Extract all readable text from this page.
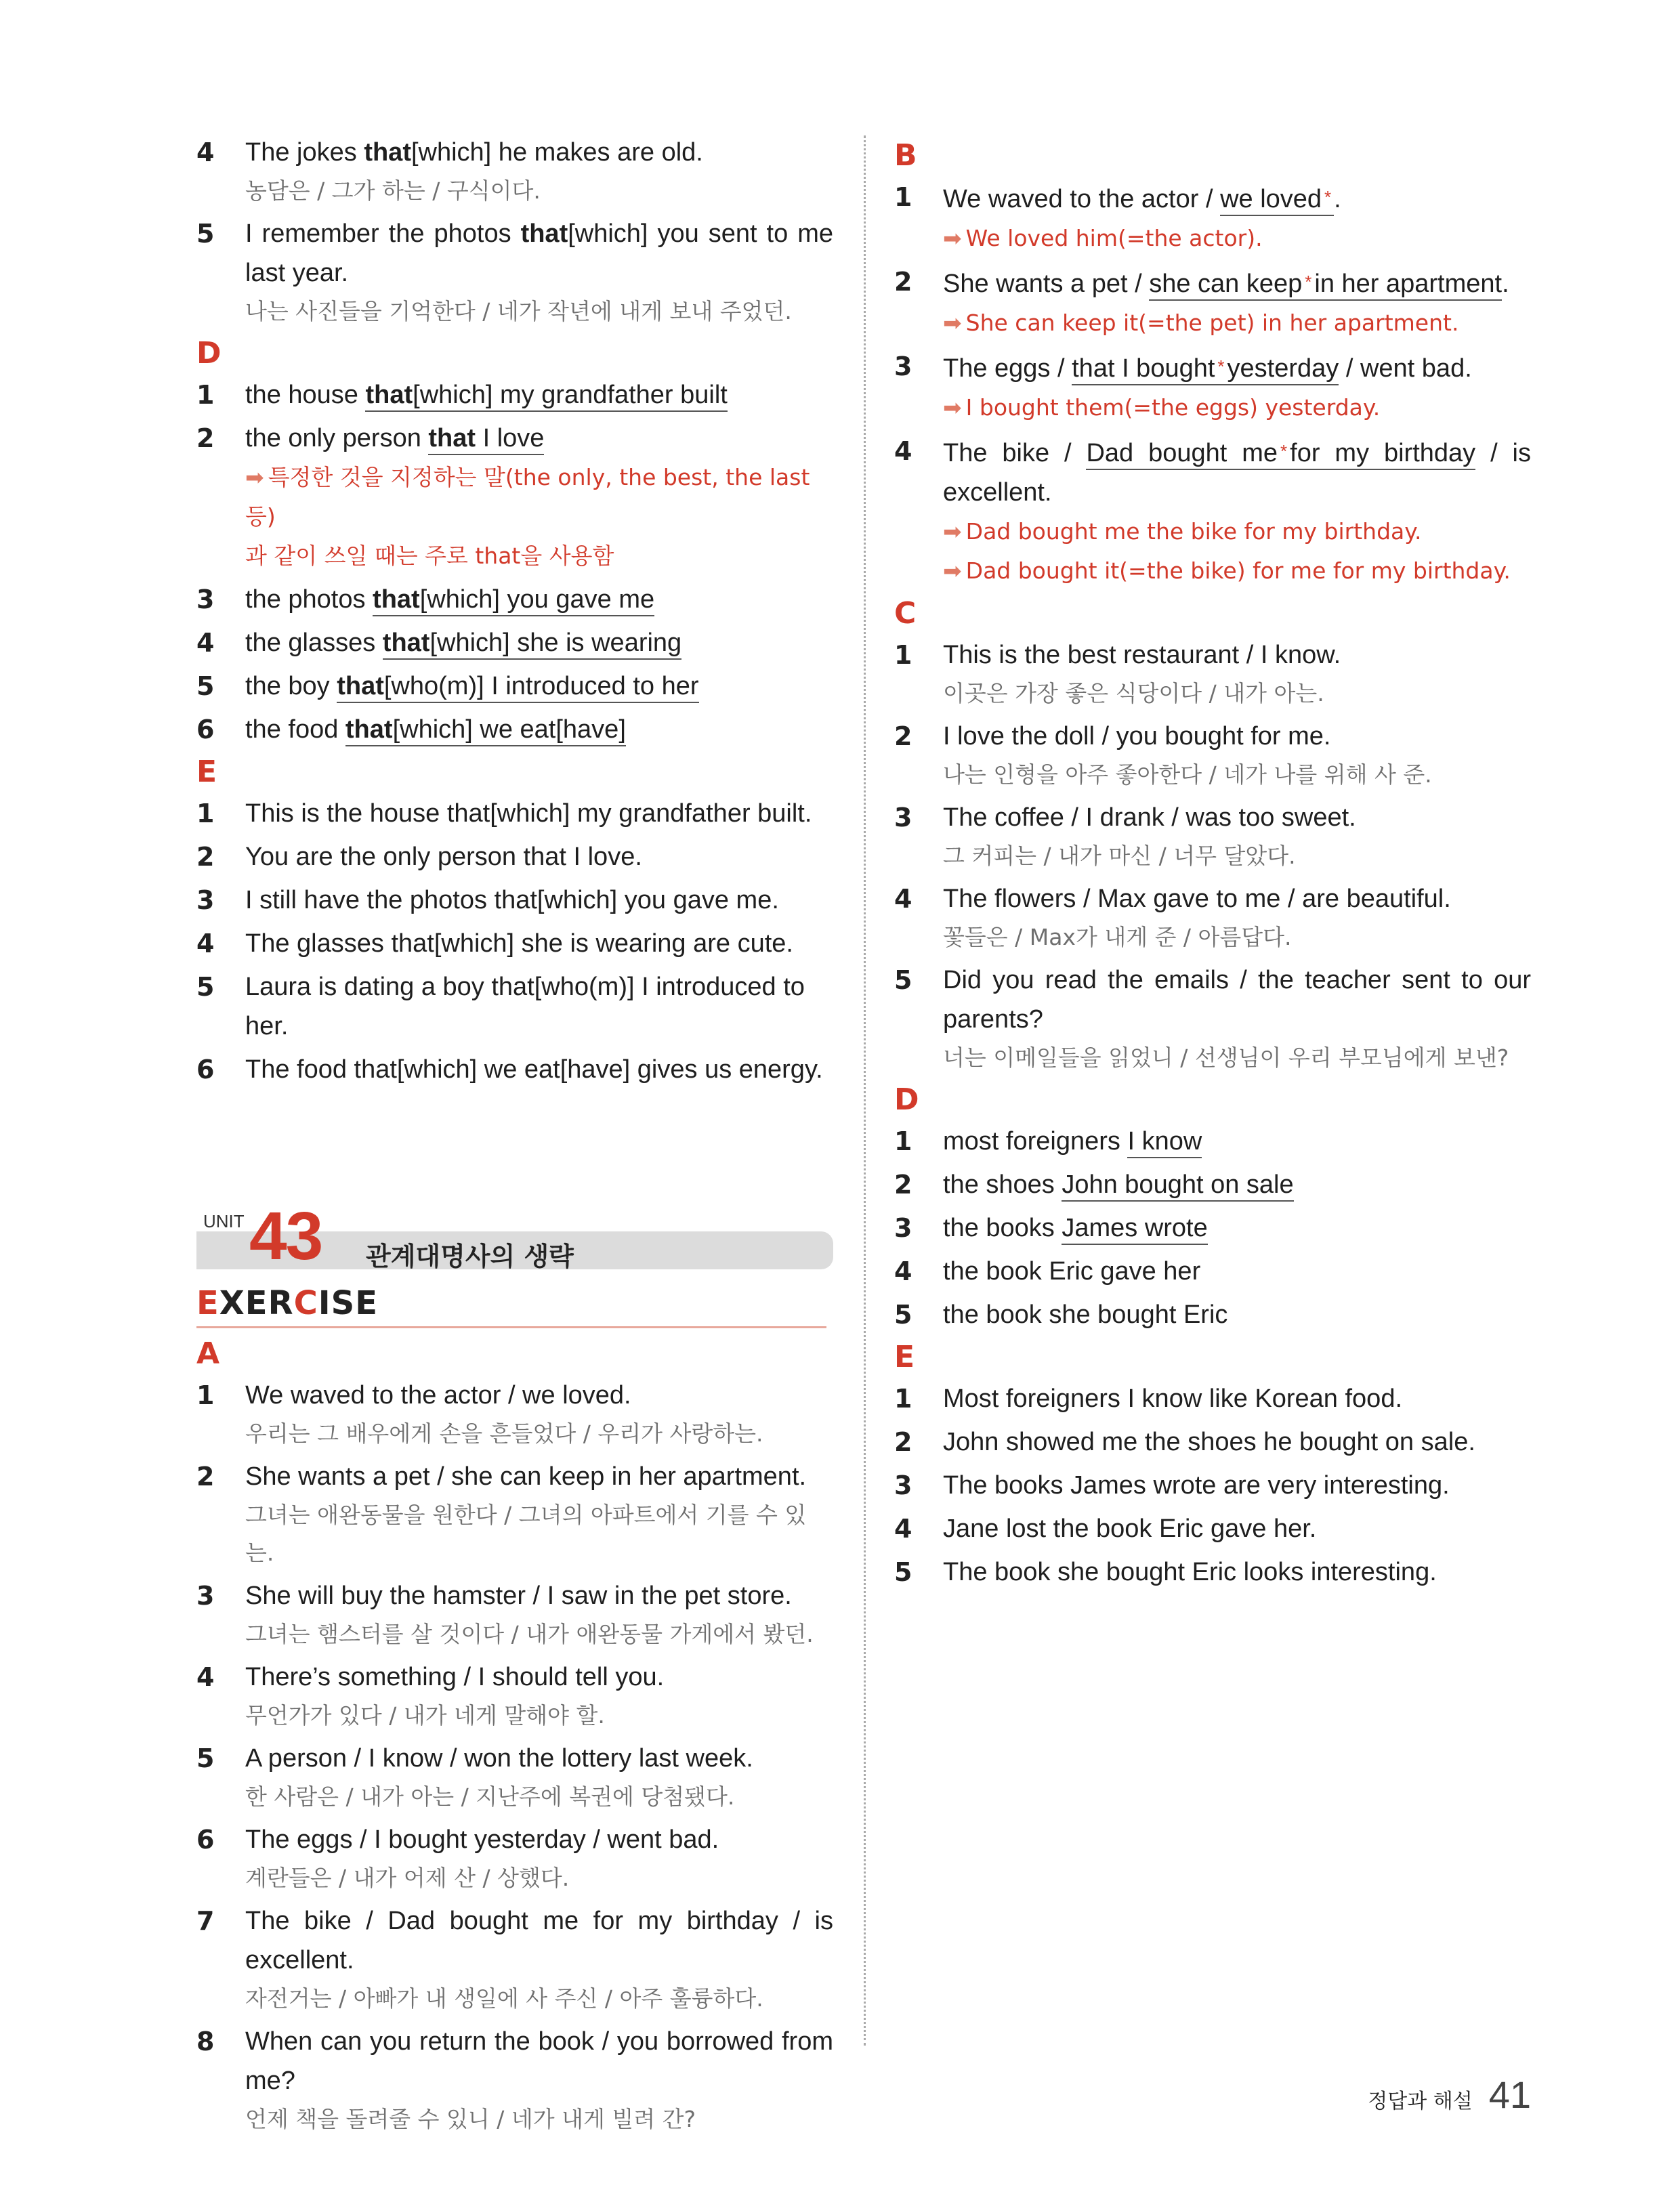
4	The jokes that[which] he makes are old.
농담은 / 그가 하는 / 구식이다.
5	I remember the photos that[which] you sent to me last year.
나는 사진들을 기억한다 / 네가 작년에 내게 보내 주었던.
D
1	the house that[which] my grandfather built
2	the only person that I love
➡ 특정한 것을 지정하는 말(the only, the best, the last 등)
과 같이 쓰일 때는 주로 that을 사용함
3	the photos that[which] you gave me
4	the glasses that[which] she is wearing
5	the boy that[who(m)] I introduced to her
6	the food that[which] we eat[have]
E
1	This is the house that[which] my grandfather built.
2	You are the only person that I love.
3	I still have the photos that[which] you gave me.
4	The glasses that[which] she is wearing are cute.
5	Laura is dating a boy that[who(m)] I introduced to her.
6	The food that[which] we eat[have] gives us energy.
UNIT 43 관계대명사의 생략
EXERCISE
A
1	We waved to the actor / we loved.
우리는 그 배우에게 손을 흔들었다 / 우리가 사랑하는.
2	She wants a pet / she can keep in her apartment.
그녀는 애완동물을 원한다 / 그녀의 아파트에서 기를 수 있는.
3	She will buy the hamster / I saw in the pet store.
그녀는 햄스터를 살 것이다 / 내가 애완동물 가게에서 봤던.
4	There’s something / I should tell you.
무언가가 있다 / 내가 네게 말해야 할.
5	A person / I know / won the lottery last week.
한 사람은 / 내가 아는 / 지난주에 복권에 당첨됐다.
6	The eggs / I bought yesterday / went bad.
계란들은 / 내가 어제 산 / 상했다.
7	The bike / Dad bought me for my birthday / is excellent.
자전거는 / 아빠가 내 생일에 사 주신 / 아주 훌륭하다.
8	When can you return the book / you borrowed from me?
언제 책을 돌려줄 수 있니 / 네가 내게 빌려 간?
B
1	We waved to the actor / we loved * .
➡ We loved him(=the actor).
2	She wants a pet / she can keep * in her apartment.
➡ She can keep it(=the pet) in her apartment.
3	The eggs / that I bought * yesterday / went bad.
➡ I bought them(=the eggs) yesterday.
4	The bike / Dad bought me * for my birthday / is excellent.
➡ Dad bought me the bike for my birthday.
➡ Dad bought it(=the bike) for me for my birthday.
C
1	This is the best restaurant / I know.
이곳은 가장 좋은 식당이다 / 내가 아는.
2	I love the doll / you bought for me.
나는 인형을 아주 좋아한다 / 네가 나를 위해 사 준.
3	The coffee / I drank / was too sweet.
그 커피는 / 내가 마신 / 너무 달았다.
4	The flowers / Max gave to me / are beautiful.
꽃들은 / Max가 내게 준 / 아름답다.
5	Did you read the emails / the teacher sent to our parents?
너는 이메일들을 읽었니 / 선생님이 우리 부모님에게 보낸?
D
1	most foreigners I know
2	the shoes John bought on sale
3	the books James wrote
4	the book Eric gave her
5	the book she bought Eric
E
1	Most foreigners I know like Korean food.
2	John showed me the shoes he bought on sale.
3	The books James wrote are very interesting.
4	Jane lost the book Eric gave her.
5	The book she bought Eric looks interesting.
정답과 해설 41
